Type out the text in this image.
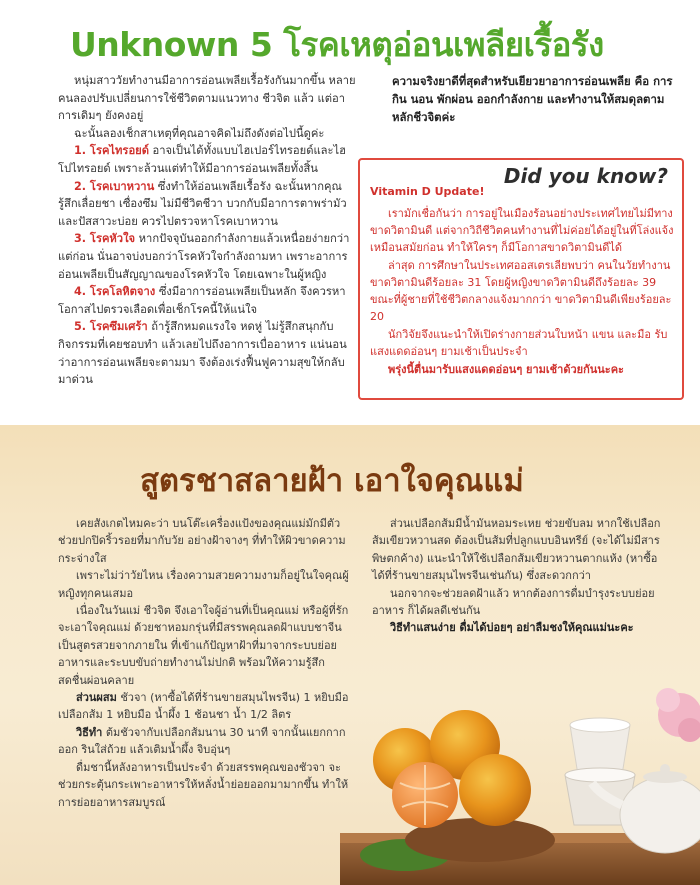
Unknown 5 โรคเหตุอ่อนเพลียเรื้อรัง

หนุ่มสาววัยทำงานมีอาการอ่อนเพลียเรื้อรังกันมากขึ้น หลายคนลองปรับเปลี่ยนการใช้ชีวิตตามแนวทาง ชีวจิต แล้ว แต่อาการเดิมๆ ยังคงอยู่

ฉะนั้นลองเช็กสาเหตุที่คุณอาจคิดไม่ถึงดังต่อไปนี้ดูค่ะ

1. โรคไทรอยด์ อาจเป็นได้ทั้งแบบไฮเปอร์ไทรอยด์และไฮโปไทรอยด์ เพราะล้วนแต่ทำให้มีอาการอ่อนเพลียทั้งสิ้น

2. โรคเบาหวาน ซึ่งทำให้อ่อนเพลียเรื้อรัง ฉะนั้นหากคุณรู้สึกเลื่อยชา เซื่องซึม ไม่มีชีวิตชีวา บวกกับมีอาการตาพร่ามัวและปัสสาวะบ่อย ควรไปตรวจหาโรคเบาหวาน

3. โรคหัวใจ หากปัจจุบันออกกำลังกายแล้วเหนื่อยง่ายกว่าแต่ก่อน นั่นอาจบ่งบอกว่าโรคหัวใจกำลังถามหา เพราะอาการอ่อนเพลียเป็นสัญญาณของโรคหัวใจ โดยเฉพาะในผู้หญิง

4. โรคโลหิตจาง ซึ่งมีอาการอ่อนเพลียเป็นหลัก จึงควรหาโอกาสไปตรวจเลือดเพื่อเช็กโรคนี้ให้แน่ใจ

5. โรคซึมเศร้า ถ้ารู้สึกหมดแรงใจ หดหู่ ไม่รู้สึกสนุกกับกิจกรรมที่เคยชอบทำ แล้วเลยไปถึงอาการเบื่ออาหาร แน่นอนว่าอาการอ่อนเพลียจะตามมา จึงต้องเร่งฟื้นฟูความสุขให้กลับมาด่วน

ความจริงยาดีที่สุดสำหรับเยียวยาอาการอ่อนเพลีย คือ การกิน นอน พักผ่อน ออกกำลังกาย และทำงานให้สมดุลตามหลักชีวจิตค่ะ

Did you know?
Vitamin D Update!

เรามักเชื่อกันว่า การอยู่ในเมืองร้อนอย่างประเทศไทยไม่มีทางขาดวิตามินดี แต่จากวิถีชีวิตคนทำงานที่ไม่ค่อยได้อยู่ในที่โล่งแจ้งเหมือนสมัยก่อน ทำให้ใครๆ ก็มีโอกาสขาดวิตามินดีได้

ล่าสุด การศึกษาในประเทศออสเตรเลียพบว่า คนในวัยทำงานขาดวิตามินดีร้อยละ 31 โดยผู้หญิงขาดวิตามินดีถึงร้อยละ 39 ขณะที่ผู้ชายที่ใช้ชีวิตกลางแจ้งมากกว่า ขาดวิตามินดีเพียงร้อยละ 20

นักวิจัยจึงแนะนำให้เปิดร่างกายส่วนใบหน้า แขน และมือ รับแสงแดดอ่อนๆ ยามเช้าเป็นประจำ

พรุ่งนี้ตื่นมารับแสงแดดอ่อนๆ ยามเช้าด้วยกันนะคะ

สูตรชาสลายฝ้า เอาใจคุณแม่

เคยสังเกตไหมคะว่า บนโต๊ะเครื่องแป้งของคุณแม่มักมีตัวช่วยปกปิดริ้วรอยที่มากับวัย อย่างฝ้าจางๆ ที่ทำให้ผิวขาดความกระจ่างใส

เพราะไม่ว่าวัยไหน เรื่องความสวยความงามก็อยู่ในใจคุณผู้หญิงทุกคนเสมอ

เนื่องในวันแม่ ชีวจิต จึงเอาใจผู้อ่านที่เป็นคุณแม่ หรือผู้ที่รักจะเอาใจคุณแม่ ด้วยชาหอมกรุ่นที่มีสรรพคุณลดฝ้าแบบชาจีน เป็นสูตรสวยจากภายใน ที่เข้าแก้ปัญหาฝ้าที่มาจากระบบย่อยอาหารและระบบขับถ่ายทำงานไม่ปกติ พร้อมให้ความรู้สึกสดชื่นผ่อนคลาย

ส่วนผสม ชัวจา (หาซื้อได้ที่ร้านขายสมุนไพรจีน) 1 หยิบมือ เปลือกส้ม 1 หยิบมือ น้ำผึ้ง 1 ช้อนชา น้ำ 1/2 ลิตร

วิธีทำ ต้มชัวจากับเปลือกส้มนาน 30 นาที จากนั้นแยกกากออก รินใส่ถ้วย แล้วเติมน้ำผึ้ง จิบอุ่นๆ

ดื่มชานี้หลังอาหารเป็นประจำ ด้วยสรรพคุณของชัวจา จะช่วยกระตุ้นกระเพาะอาหารให้หลั่งน้ำย่อยออกมามากขึ้น ทำให้การย่อยอาหารสมบูรณ์

ส่วนเปลือกส้มมีน้ำมันหอมระเหย ช่วยขับลม หากใช้เปลือกส้มเขียวหวานสด ต้องเป็นส้มที่ปลูกแบบอินทรีย์ (จะได้ไม่มีสารพิษตกค้าง) แนะนำให้ใช้เปลือกส้มเขียวหวานตากแห้ง (หาซื้อได้ที่ร้านขายสมุนไพรจีนเช่นกัน) ซึ่งสะดวกกว่า

นอกจากจะช่วยลดฝ้าแล้ว หากต้องการดื่มบำรุงระบบย่อยอาหาร ก็ได้ผลดีเช่นกัน

วิธีทำแสนง่าย ดื่มได้บ่อยๆ อย่าลืมชงให้คุณแม่นะคะ
